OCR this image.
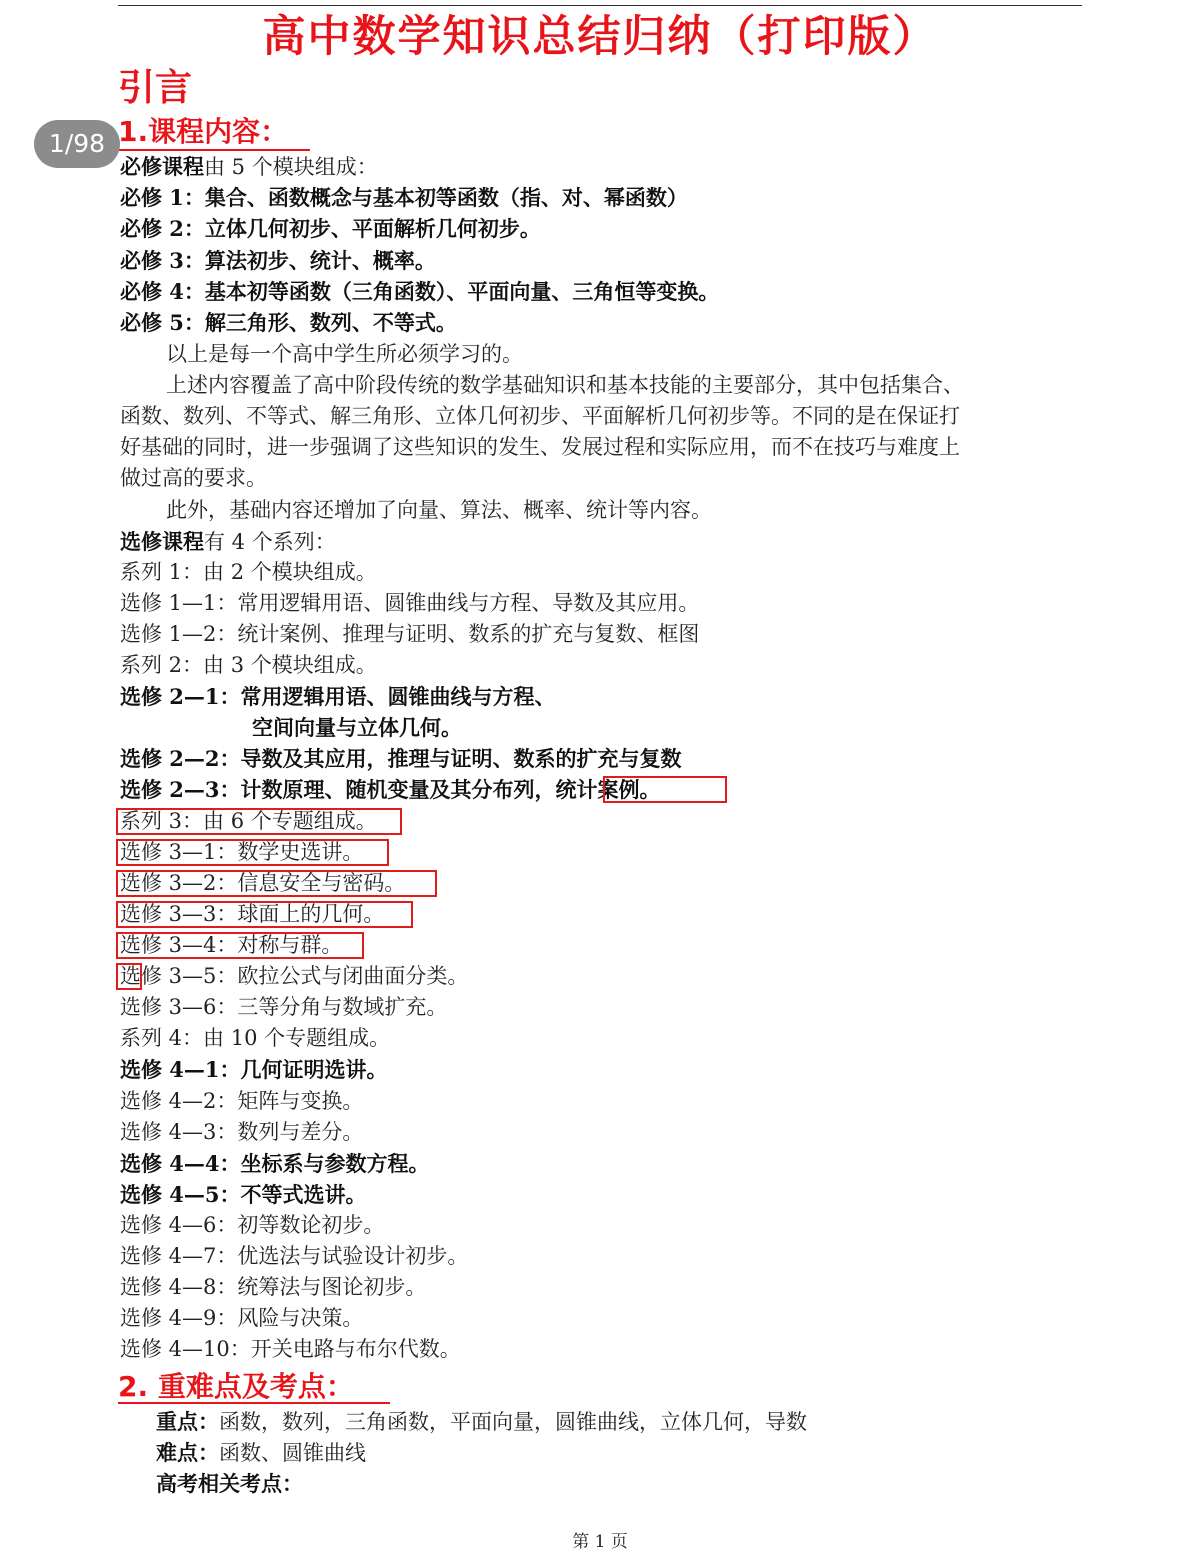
高中数学知识总结归纳（打印版）
引言
1.课程内容：
1/98
必修课程由 5 个模块组成：
必修 1：集合、函数概念与基本初等函数（指、对、幂函数）
必修 2：立体几何初步、平面解析几何初步。
必修 3：算法初步、统计、概率。
必修 4：基本初等函数（三角函数）、平面向量、三角恒等变换。
必修 5：解三角形、数列、不等式。
以上是每一个高中学生所必须学习的。
上述内容覆盖了高中阶段传统的数学基础知识和基本技能的主要部分，其中包括集合、
函数、数列、不等式、解三角形、立体几何初步、平面解析几何初步等。不同的是在保证打
好基础的同时，进一步强调了这些知识的发生、发展过程和实际应用，而不在技巧与难度上
做过高的要求。
此外，基础内容还增加了向量、算法、概率、统计等内容。
选修课程有 4 个系列：
系列 1：由 2 个模块组成。
选修 1—1：常用逻辑用语、圆锥曲线与方程、导数及其应用。
选修 1—2：统计案例、推理与证明、数系的扩充与复数、框图
系列 2：由 3 个模块组成。
选修 2—1：常用逻辑用语、圆锥曲线与方程、
空间向量与立体几何。
选修 2—2：导数及其应用，推理与证明、数系的扩充与复数
选修 2—3：计数原理、随机变量及其分布列，统计案例。
系列 3：由 6 个专题组成。
选修 3—1：数学史选讲。
选修 3—2：信息安全与密码。
选修 3—3：球面上的几何。
选修 3—4：对称与群。
选修 3—5：欧拉公式与闭曲面分类。
选修 3—6：三等分角与数域扩充。
系列 4：由 10 个专题组成。
选修 4—1：几何证明选讲。
选修 4—2：矩阵与变换。
选修 4—3：数列与差分。
选修 4—4：坐标系与参数方程。
选修 4—5：不等式选讲。
选修 4—6：初等数论初步。
选修 4—7：优选法与试验设计初步。
选修 4—8：统筹法与图论初步。
选修 4—9：风险与决策。
选修 4—10：开关电路与布尔代数。
2. 重难点及考点：
重点：函数，数列，三角函数，平面向量，圆锥曲线，立体几何，导数
难点：函数、圆锥曲线
高考相关考点：
第 1 页
